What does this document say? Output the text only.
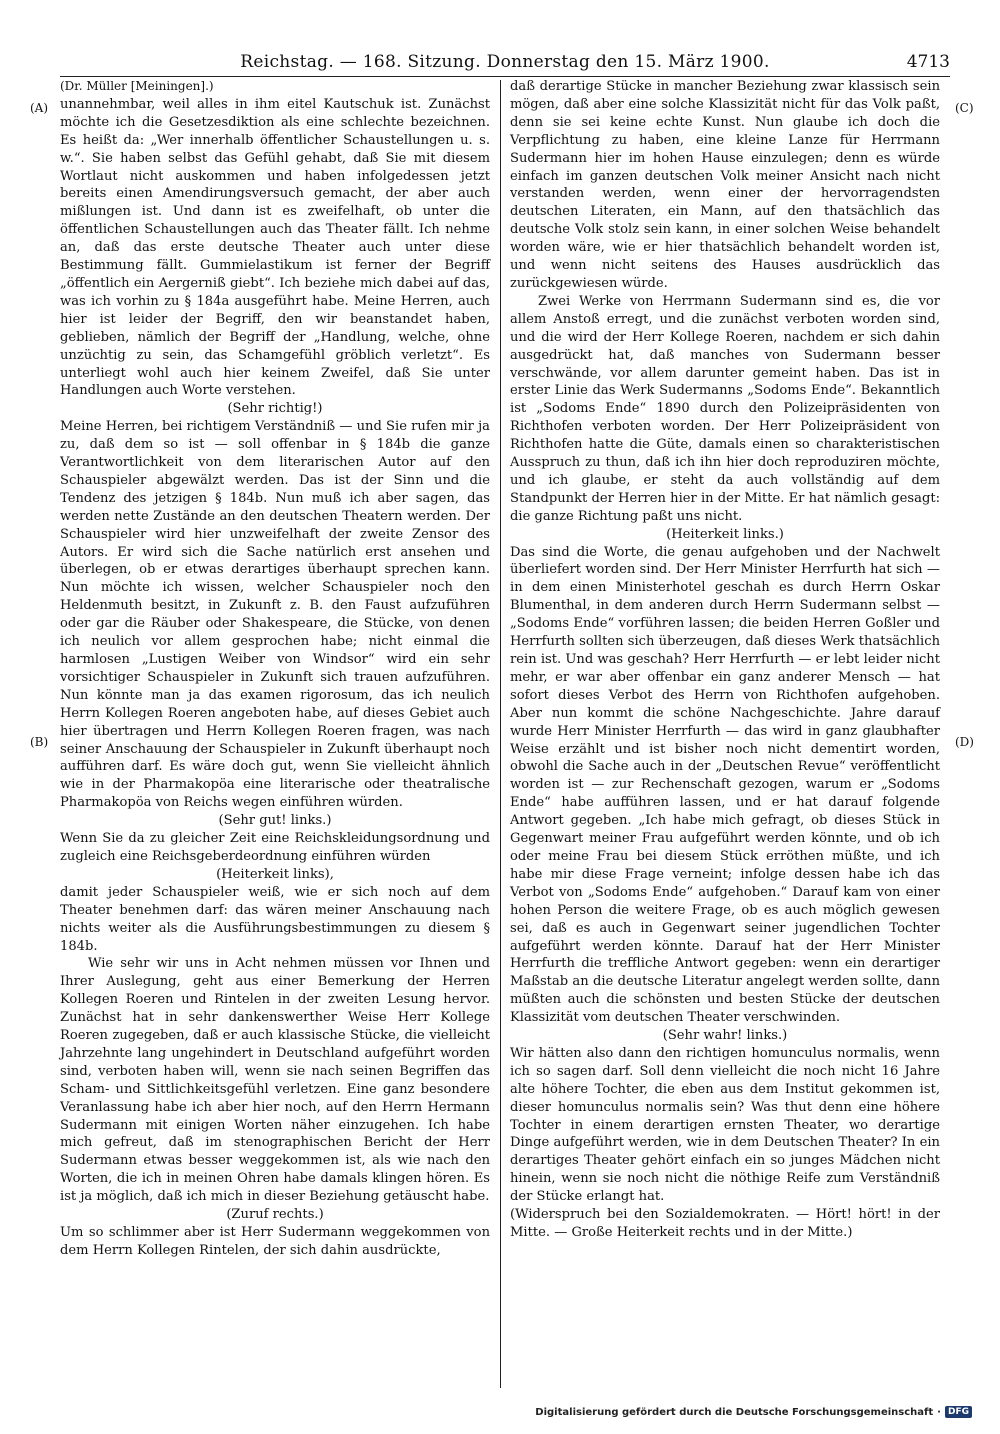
Reichstag. — 168. Sitzung. Donnerstag den 15. März 1900.	4713
(A)
(B)
(C)
(D)

(Dr. Müller [Meiningen].)

unannehmbar, weil alles in ihm eitel Kautschuk ist. Zunächst möchte ich die Gesetzesdiktion als eine schlechte bezeichnen. Es heißt da: „Wer innerhalb öffentlicher Schaustellungen u. s. w.“. Sie haben selbst das Gefühl gehabt, daß Sie mit diesem Wortlaut nicht auskommen und haben infolgedessen jetzt bereits einen Amendirungsversuch gemacht, der aber auch mißlungen ist. Und dann ist es zweifelhaft, ob unter die öffentlichen Schaustellungen auch das Theater fällt. Ich nehme an, daß das erste deutsche Theater auch unter diese Bestimmung fällt. Gummielastikum ist ferner der Begriff „öffentlich ein Aergerniß giebt“. Ich beziehe mich dabei auf das, was ich vorhin zu § 184a ausgeführt habe. Meine Herren, auch hier ist leider der Begriff, den wir beanstandet haben, geblieben, nämlich der Begriff der „Handlung, welche, ohne unzüchtig zu sein, das Schamgefühl gröblich verletzt“. Es unterliegt wohl auch hier keinem Zweifel, daß Sie unter Handlungen auch Worte verstehen.

(Sehr richtig!)

Meine Herren, bei richtigem Verständniß — und Sie rufen mir ja zu, daß dem so ist — soll offenbar in § 184b die ganze Verantwortlichkeit von dem literarischen Autor auf den Schauspieler abgewälzt werden. Das ist der Sinn und die Tendenz des jetzigen § 184b. Nun muß ich aber sagen, das werden nette Zustände an den deutschen Theatern werden. Der Schauspieler wird hier unzweifelhaft der zweite Zensor des Autors. Er wird sich die Sache natürlich erst ansehen und überlegen, ob er etwas derartiges überhaupt sprechen kann. Nun möchte ich wissen, welcher Schauspieler noch den Heldenmuth besitzt, in Zukunft z. B. den Faust aufzuführen oder gar die Räuber oder Shakespeare, die Stücke, von denen ich neulich vor allem gesprochen habe; nicht einmal die harmlosen „Lustigen Weiber von Windsor“ wird ein sehr vorsichtiger Schauspieler in Zukunft sich trauen aufzuführen. Nun könnte man ja das examen rigorosum, das ich neulich Herrn Kollegen Roeren angeboten habe, auf dieses Gebiet auch hier übertragen und Herrn Kollegen Roeren fragen, was nach seiner Anschauung der Schauspieler in Zukunft überhaupt noch aufführen darf. Es wäre doch gut, wenn Sie vielleicht ähnlich wie in der Pharmakopöa eine literarische oder theatralische Pharmakopöa von Reichs wegen einführen würden.

(Sehr gut! links.)

Wenn Sie da zu gleicher Zeit eine Reichskleidungsordnung und zugleich eine Reichsgeberdeordnung einführen würden

(Heiterkeit links),

damit jeder Schauspieler weiß, wie er sich noch auf dem Theater benehmen darf: das wären meiner Anschauung nach nichts weiter als die Ausführungsbestimmungen zu diesem § 184b.

Wie sehr wir uns in Acht nehmen müssen vor Ihnen und Ihrer Auslegung, geht aus einer Bemerkung der Herren Kollegen Roeren und Rintelen in der zweiten Lesung hervor. Zunächst hat in sehr dankenswerther Weise Herr Kollege Roeren zugegeben, daß er auch klassische Stücke, die vielleicht Jahrzehnte lang ungehindert in Deutschland aufgeführt worden sind, verboten haben will, wenn sie nach seinen Begriffen das Scham- und Sittlichkeitsgefühl verletzen. Eine ganz besondere Veranlassung habe ich aber hier noch, auf den Herrn Hermann Sudermann mit einigen Worten näher einzugehen. Ich habe mich gefreut, daß im stenographischen Bericht der Herr Sudermann etwas besser weggekommen ist, als wie nach den Worten, die ich in meinen Ohren habe damals klingen hören. Es ist ja möglich, daß ich mich in dieser Beziehung getäuscht habe.

(Zuruf rechts.)

Um so schlimmer aber ist Herr Sudermann weggekommen von dem Herrn Kollegen Rintelen, der sich dahin ausdrückte,

daß derartige Stücke in mancher Beziehung zwar klassisch sein mögen, daß aber eine solche Klassizität nicht für das Volk paßt, denn sie sei keine echte Kunst. Nun glaube ich doch die Verpflichtung zu haben, eine kleine Lanze für Herrmann Sudermann hier im hohen Hause einzulegen; denn es würde einfach im ganzen deutschen Volk meiner Ansicht nach nicht verstanden werden, wenn einer der hervorragendsten deutschen Literaten, ein Mann, auf den thatsächlich das deutsche Volk stolz sein kann, in einer solchen Weise behandelt worden wäre, wie er hier thatsächlich behandelt worden ist, und wenn nicht seitens des Hauses ausdrücklich das zurückgewiesen würde.

Zwei Werke von Herrmann Sudermann sind es, die vor allem Anstoß erregt, und die zunächst verboten worden sind, und die wird der Herr Kollege Roeren, nachdem er sich dahin ausgedrückt hat, daß manches von Sudermann besser verschwände, vor allem darunter gemeint haben. Das ist in erster Linie das Werk Sudermanns „Sodoms Ende“. Bekanntlich ist „Sodoms Ende“ 1890 durch den Polizeipräsidenten von Richthofen verboten worden. Der Herr Polizeipräsident von Richthofen hatte die Güte, damals einen so charakteristischen Ausspruch zu thun, daß ich ihn hier doch reproduziren möchte, und ich glaube, er steht da auch vollständig auf dem Standpunkt der Herren hier in der Mitte. Er hat nämlich gesagt: die ganze Richtung paßt uns nicht.

(Heiterkeit links.)

Das sind die Worte, die genau aufgehoben und der Nachwelt überliefert worden sind. Der Herr Minister Herrfurth hat sich — in dem einen Ministerhotel geschah es durch Herrn Oskar Blumenthal, in dem anderen durch Herrn Sudermann selbst — „Sodoms Ende“ vorführen lassen; die beiden Herren Goßler und Herrfurth sollten sich überzeugen, daß dieses Werk thatsächlich rein ist. Und was geschah? Herr Herrfurth — er lebt leider nicht mehr, er war aber offenbar ein ganz anderer Mensch — hat sofort dieses Verbot des Herrn von Richthofen aufgehoben. Aber nun kommt die schöne Nachgeschichte. Jahre darauf wurde Herr Minister Herrfurth — das wird in ganz glaubhafter Weise erzählt und ist bisher noch nicht dementirt worden, obwohl die Sache auch in der „Deutschen Revue“ veröffentlicht worden ist — zur Rechenschaft gezogen, warum er „Sodoms Ende“ habe aufführen lassen, und er hat darauf folgende Antwort gegeben. „Ich habe mich gefragt, ob dieses Stück in Gegenwart meiner Frau aufgeführt werden könnte, und ob ich oder meine Frau bei diesem Stück erröthen müßte, und ich habe mir diese Frage verneint; infolge dessen habe ich das Verbot von „Sodoms Ende“ aufgehoben.“ Darauf kam von einer hohen Person die weitere Frage, ob es auch möglich gewesen sei, daß es auch in Gegenwart seiner jugendlichen Tochter aufgeführt werden könnte. Darauf hat der Herr Minister Herrfurth die treffliche Antwort gegeben: wenn ein derartiger Maßstab an die deutsche Literatur angelegt werden sollte, dann müßten auch die schönsten und besten Stücke der deutschen Klassizität vom deutschen Theater verschwinden.

(Sehr wahr! links.)

Wir hätten also dann den richtigen homunculus normalis, wenn ich so sagen darf. Soll denn vielleicht die noch nicht 16 Jahre alte höhere Tochter, die eben aus dem Institut gekommen ist, dieser homunculus normalis sein? Was thut denn eine höhere Tochter in einem derartigen ernsten Theater, wo derartige Dinge aufgeführt werden, wie in dem Deutschen Theater? In ein derartiges Theater gehört einfach ein so junges Mädchen nicht hinein, wenn sie noch nicht die nöthige Reife zum Verständniß der Stücke erlangt hat.

(Widerspruch bei den Sozialdemokraten. — Hört! hört! in der Mitte. — Große Heiterkeit rechts und in der Mitte.)

Digitalisierung gefördert durch die Deutsche Forschungsgemeinschaft · DFG
